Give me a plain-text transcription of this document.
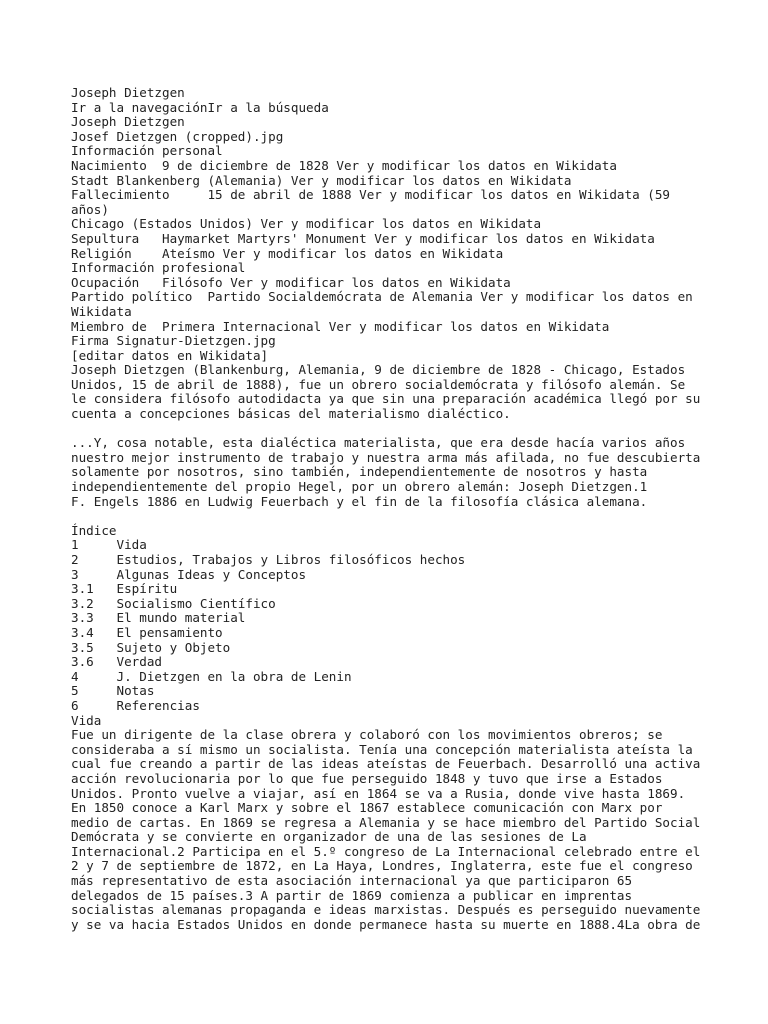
Joseph Dietzgen
Ir a la navegaciónIr a la búsqueda
Joseph Dietzgen
Josef Dietzgen (cropped).jpg
Información personal
Nacimiento  9 de diciembre de 1828 Ver y modificar los datos en Wikidata
Stadt Blankenberg (Alemania) Ver y modificar los datos en Wikidata
Fallecimiento     15 de abril de 1888 Ver y modificar los datos en Wikidata (59
años)
Chicago (Estados Unidos) Ver y modificar los datos en Wikidata
Sepultura   Haymarket Martyrs' Monument Ver y modificar los datos en Wikidata
Religión    Ateísmo Ver y modificar los datos en Wikidata
Información profesional
Ocupación   Filósofo Ver y modificar los datos en Wikidata
Partido político  Partido Socialdemócrata de Alemania Ver y modificar los datos en
Wikidata
Miembro de  Primera Internacional Ver y modificar los datos en Wikidata
Firma Signatur-Dietzgen.jpg
[editar datos en Wikidata]
Joseph Dietzgen (Blankenburg, Alemania, 9 de diciembre de 1828 - Chicago, Estados
Unidos, 15 de abril de 1888), fue un obrero socialdemócrata y filósofo alemán. Se
le considera filósofo autodidacta ya que sin una preparación académica llegó por su
cuenta a concepciones básicas del materialismo dialéctico.
...Y, cosa notable, esta dialéctica materialista, que era desde hacía varios años
nuestro mejor instrumento de trabajo y nuestra arma más afilada, no fue descubierta
solamente por nosotros, sino también, independientemente de nosotros y hasta
independientemente del propio Hegel, por un obrero alemán: Joseph Dietzgen.1
F. Engels 1886 en Ludwig Feuerbach y el fin de la filosofía clásica alemana.
Índice
1     Vida
2     Estudios, Trabajos y Libros filosóficos hechos
3     Algunas Ideas y Conceptos
3.1   Espíritu
3.2   Socialismo Científico
3.3   El mundo material
3.4   El pensamiento
3.5   Sujeto y Objeto
3.6   Verdad
4     J. Dietzgen en la obra de Lenin
5     Notas
6     Referencias
Vida
Fue un dirigente de la clase obrera y colaboró con los movimientos obreros; se
consideraba a sí mismo un socialista. Tenía una concepción materialista ateísta la
cual fue creando a partir de las ideas ateístas de Feuerbach. Desarrolló una activa
acción revolucionaria por lo que fue perseguido 1848 y tuvo que irse a Estados
Unidos. Pronto vuelve a viajar, así en 1864 se va a Rusia, donde vive hasta 1869.
En 1850 conoce a Karl Marx y sobre el 1867 establece comunicación con Marx por
medio de cartas. En 1869 se regresa a Alemania y se hace miembro del Partido Social
Demócrata y se convierte en organizador de una de las sesiones de La
Internacional.2 Participa en el 5.º congreso de La Internacional celebrado entre el
2 y 7 de septiembre de 1872, en La Haya, Londres, Inglaterra, este fue el congreso
más representativo de esta asociación internacional ya que participaron 65
delegados de 15 países.3 A partir de 1869 comienza a publicar en imprentas
socialistas alemanas propaganda e ideas marxistas. Después es perseguido nuevamente
y se va hacia Estados Unidos en donde permanece hasta su muerte en 1888.4La obra de
